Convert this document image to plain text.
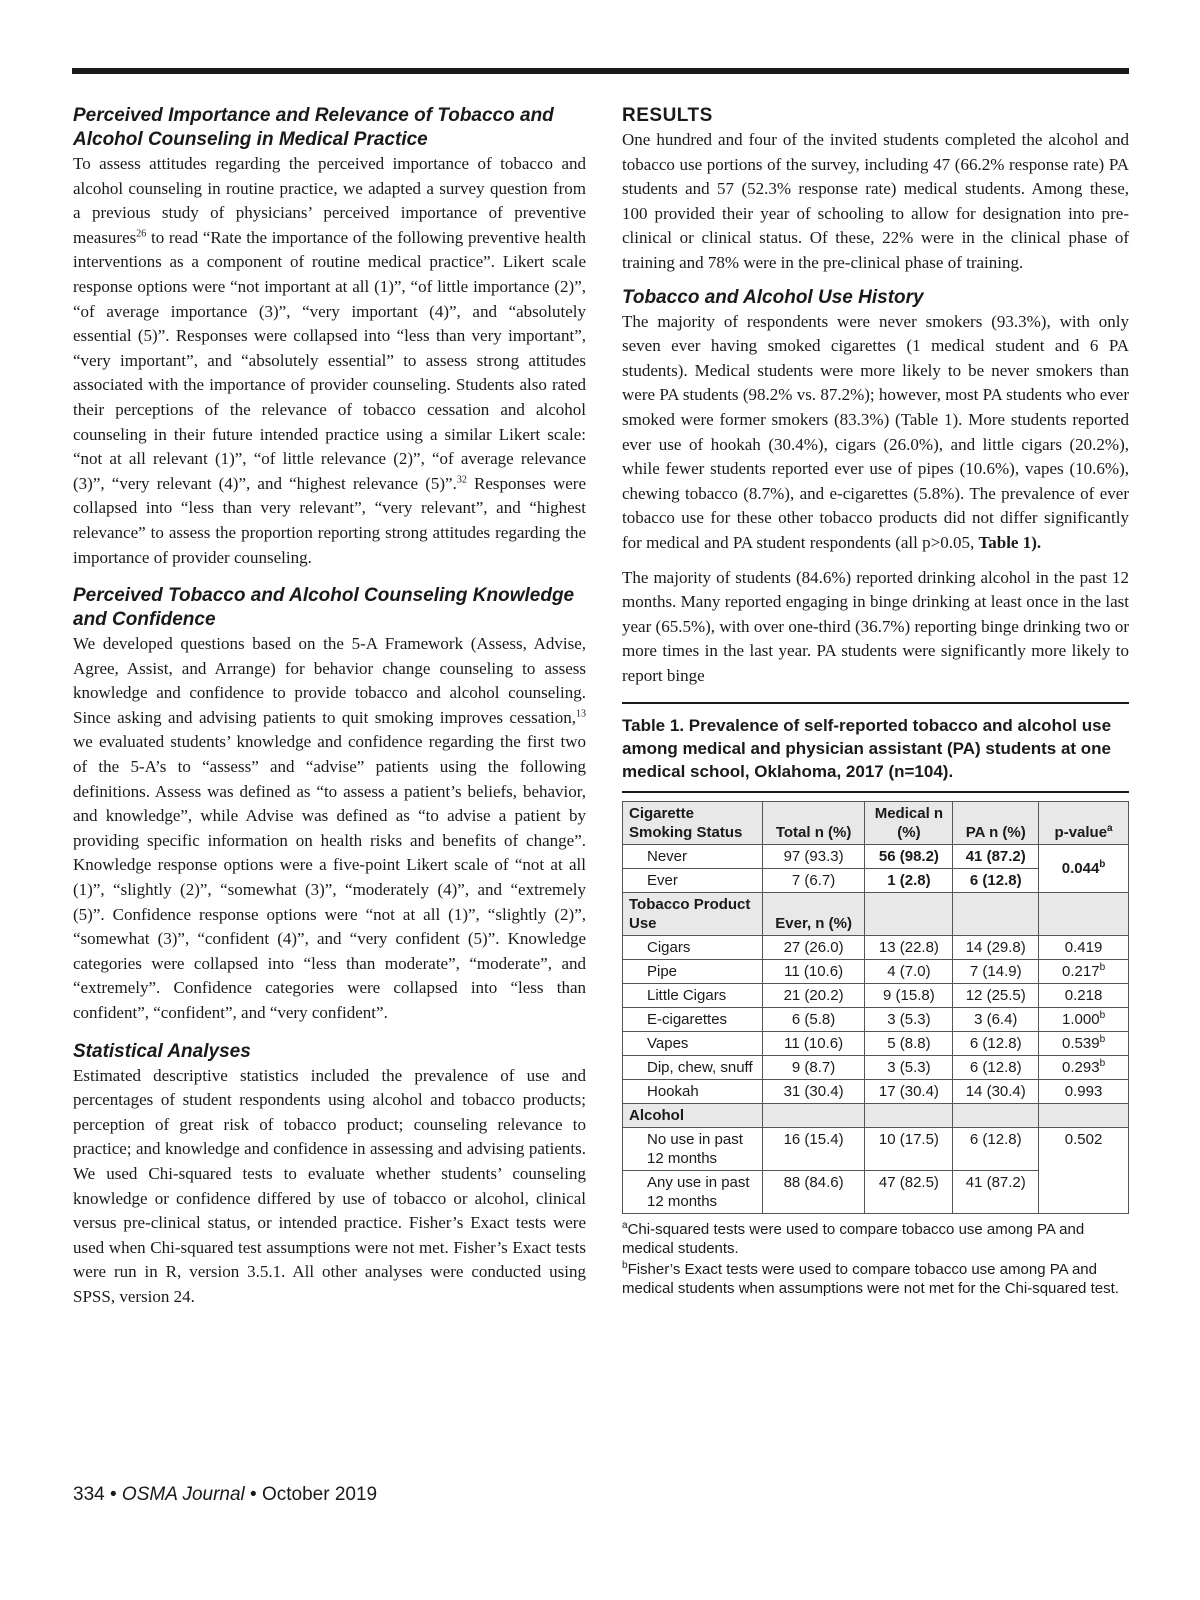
Perceived Importance and Relevance of Tobacco and Alcohol Counseling in Medical Practice

To assess attitudes regarding the perceived importance of tobacco and alcohol counseling in routine practice, we adapted a survey question from a previous study of physicians’ perceived importance of preventive measures$^{26}$ to read “Rate the importance of the following preventive health interventions as a component of routine medical practice”. Likert scale response options were “not important at all (1)”, “of little importance (2)”, “of average importance (3)”, “very important (4)”, and “absolutely essential (5)”. Responses were collapsed into “less than very important”, “very important”, and “absolutely essential” to assess strong attitudes associated with the importance of provider counseling. Students also rated their perceptions of the relevance of tobacco cessation and alcohol counseling in their future intended practice using a similar Likert scale: “not at all relevant (1)”, “of little relevance (2)”, “of average relevance (3)”, “very relevant (4)”, and “highest relevance (5)”.$^{32}$ Responses were collapsed into “less than very relevant”, “very relevant”, and “highest relevance” to assess the proportion reporting strong attitudes regarding the importance of provider counseling.

Perceived Tobacco and Alcohol Counseling Knowledge and Confidence

We developed questions based on the 5-A Framework (Assess, Advise, Agree, Assist, and Arrange) for behavior change counseling to assess knowledge and confidence to provide tobacco and alcohol counseling. Since asking and advising patients to quit smoking improves cessation,$^{13}$ we evaluated students’ knowledge and confidence regarding the first two of the 5-A’s to “assess” and “advise” patients using the following definitions. Assess was defined as “to assess a patient’s beliefs, behavior, and knowledge”, while Advise was defined as “to advise a patient by providing specific information on health risks and benefits of change”. Knowledge response options were a five-point Likert scale of “not at all (1)”, “slightly (2)”, “somewhat (3)”, “moderately (4)”, and “extremely (5)”. Confidence response options were “not at all (1)”, “slightly (2)”, “somewhat (3)”, “confident (4)”, and “very confident (5)”. Knowledge categories were collapsed into “less than moderate”, “moderate”, and “extremely”. Confidence categories were collapsed into “less than confident”, “confident”, and “very confident”.

Statistical Analyses

Estimated descriptive statistics included the prevalence of use and percentages of student respondents using alcohol and tobacco products; perception of great risk of tobacco product; counseling relevance to practice; and knowledge and confidence in assessing and advising patients. We used Chi-squared tests to evaluate whether students’ counseling knowledge or confidence differed by use of tobacco or alcohol, clinical versus pre-clinical status, or intended practice. Fisher’s Exact tests were used when Chi-squared test assumptions were not met. Fisher’s Exact tests were run in R, version 3.5.1. All other analyses were conducted using SPSS, version 24.

RESULTS

One hundred and four of the invited students completed the alcohol and tobacco use portions of the survey, including 47 (66.2% response rate) PA students and 57 (52.3% response rate) medical students. Among these, 100 provided their year of schooling to allow for designation into pre-clinical or clinical status. Of these, 22% were in the clinical phase of training and 78% were in the pre-clinical phase of training.

Tobacco and Alcohol Use History

The majority of respondents were never smokers (93.3%), with only seven ever having smoked cigarettes (1 medical student and 6 PA students). Medical students were more likely to be never smokers than were PA students (98.2% vs. 87.2%); however, most PA students who ever smoked were former smokers (83.3%) (Table 1). More students reported ever use of hookah (30.4%), cigars (26.0%), and little cigars (20.2%), while fewer students reported ever use of pipes (10.6%), vapes (10.6%), chewing tobacco (8.7%), and e-cigarettes (5.8%). The prevalence of ever tobacco use for these other tobacco products did not differ significantly for medical and PA student respondents (all p>0.05, Table 1).

The majority of students (84.6%) reported drinking alcohol in the past 12 months. Many reported engaging in binge drinking at least once in the last year (65.5%), with over one-third (36.7%) reporting binge drinking two or more times in the last year. PA students were significantly more likely to report binge

Table 1. Prevalence of self-reported tobacco and alcohol use among medical and physician assistant (PA) students at one medical school, Oklahoma, 2017 (n=104).
Cigarette Smoking Status	Total n (%)	Medical n (%)	PA n (%)	p-value$^a$
Never	97 (93.3)	56 (98.2)	41 (87.2)	0.044$^b$
Ever	7 (6.7)	1 (2.8)	6 (12.8)	
Tobacco Product Use	Ever, n (%)			
Cigars	27 (26.0)	13 (22.8)	14 (29.8)	0.419
Pipe	11 (10.6)	4 (7.0)	7 (14.9)	0.217$^b$
Little Cigars	21 (20.2)	9 (15.8)	12 (25.5)	0.218
E-cigarettes	6 (5.8)	3 (5.3)	3 (6.4)	1.000$^b$
Vapes	11 (10.6)	5 (8.8)	6 (12.8)	0.539$^b$
Dip, chew, snuff	9 (8.7)	3 (5.3)	6 (12.8)	0.293$^b$
Hookah	31 (30.4)	17 (30.4)	14 (30.4)	0.993
Alcohol				
No use in past 12 months	16 (15.4)	10 (17.5)	6 (12.8)	0.502
Any use in past 12 months	88 (84.6)	47 (82.5)	41 (87.2)	
$^a$Chi-squared tests were used to compare tobacco use among PA and medical students.
$^b$Fisher’s Exact tests were used to compare tobacco use among PA and medical students when assumptions were not met for the Chi-squared test.
334 • OSMA Journal • October 2019
